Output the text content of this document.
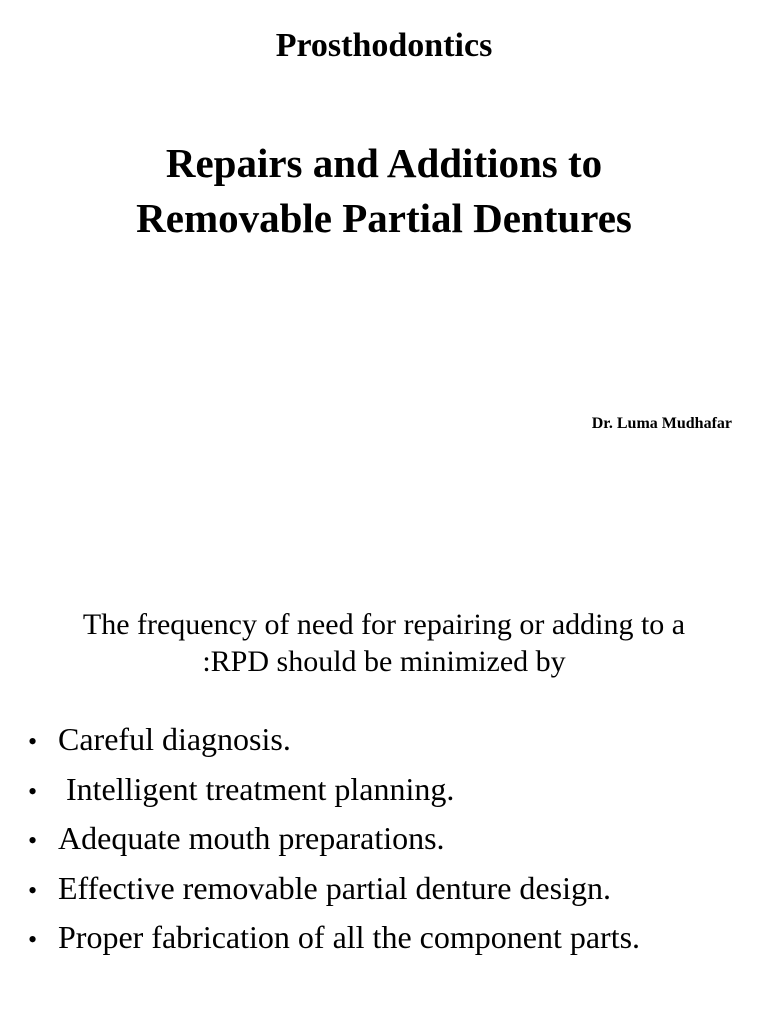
Prosthodontics
Repairs and Additions to
Removable Partial Dentures
Dr. Luma Mudhafar
The frequency of need for repairing or adding to a
:RPD should be minimized by
• Careful diagnosis.
• Intelligent treatment planning.
• Adequate mouth preparations.
• Effective removable partial denture design.
• Proper fabrication of all the component parts.
